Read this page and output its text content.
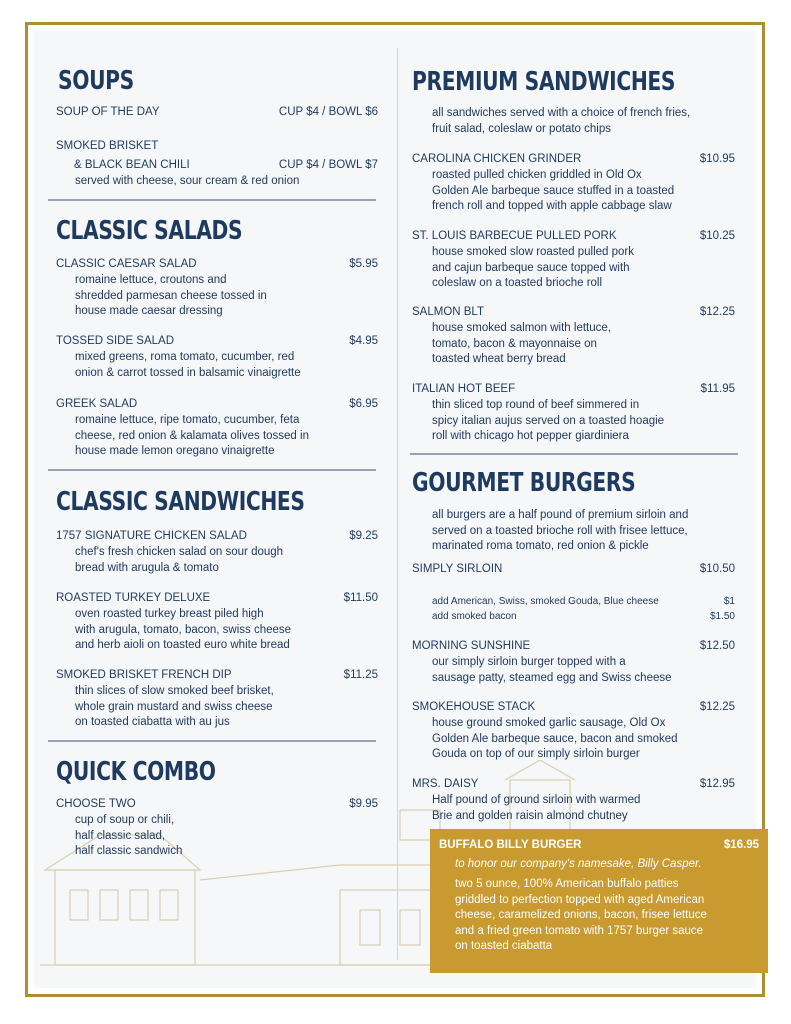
SOUPS
SOUP OF THE DAY	CUP $4 / BOWL $6
SMOKED BRISKET
& BLACK BEAN CHILI	CUP $4 / BOWL $7
served with cheese, sour cream & red onion
CLASSIC SALADS
CLASSIC CAESAR SALAD	$5.95
romaine lettuce, croutons and
shredded parmesan cheese tossed in
house made caesar dressing
TOSSED SIDE SALAD	$4.95
mixed greens, roma tomato, cucumber, red
onion & carrot tossed in balsamic vinaigrette
GREEK SALAD	$6.95
romaine lettuce, ripe tomato, cucumber, feta
cheese, red onion & kalamata olives tossed in
house made lemon oregano vinaigrette
CLASSIC SANDWICHES
1757 SIGNATURE CHICKEN SALAD	$9.25
chef's fresh chicken salad on sour dough
bread with arugula & tomato
ROASTED TURKEY DELUXE	$11.50
oven roasted turkey breast piled high
with arugula, tomato, bacon, swiss cheese
and herb aioli on toasted euro white bread
SMOKED BRISKET FRENCH DIP	$11.25
thin slices of slow smoked beef brisket,
whole grain mustard and swiss cheese
on toasted ciabatta with au jus
QUICK COMBO
CHOOSE TWO	$9.95
cup of soup or chili,
half classic salad,
half classic sandwich
PREMIUM SANDWICHES
all sandwiches served with a choice of french fries,
fruit salad, coleslaw or potato chips
CAROLINA CHICKEN GRINDER	$10.95
roasted pulled chicken griddled in Old Ox
Golden Ale barbeque sauce stuffed in a toasted
french roll and topped with apple cabbage slaw
ST. LOUIS BARBECUE PULLED PORK	$10.25
house smoked slow roasted pulled pork
and cajun barbeque sauce topped with
coleslaw on a toasted brioche roll
SALMON BLT	$12.25
house smoked salmon with lettuce,
tomato, bacon & mayonnaise on
toasted wheat berry bread
ITALIAN HOT BEEF	$11.95
thin sliced top round of beef simmered in
spicy italian aujus served on a toasted hoagie
roll with chicago hot pepper giardiniera
GOURMET BURGERS
all burgers are a half pound of premium sirloin and
served on a toasted brioche roll with frisee lettuce,
marinated roma tomato, red onion & pickle
SIMPLY SIRLOIN	$10.50
add American, Swiss, smoked Gouda, Blue cheese	$1
add smoked bacon	$1.50
MORNING SUNSHINE	$12.50
our simply sirloin burger topped with a
sausage patty, steamed egg and Swiss cheese
SMOKEHOUSE STACK	$12.25
house ground smoked garlic sausage, Old Ox
Golden Ale barbeque sauce, bacon and smoked
Gouda on top of our simply sirloin burger
MRS. DAISY	$12.95
Half pound of ground sirloin with warmed
Brie and golden raisin almond chutney
BUFFALO BILLY BURGER	$16.95
to honor our company's namesake, Billy Casper.
two 5 ounce, 100% American buffalo patties
griddled to perfection topped with aged American
cheese, caramelized onions, bacon, frisee lettuce
and a fried green tomato with 1757 burger sauce
on toasted ciabatta
